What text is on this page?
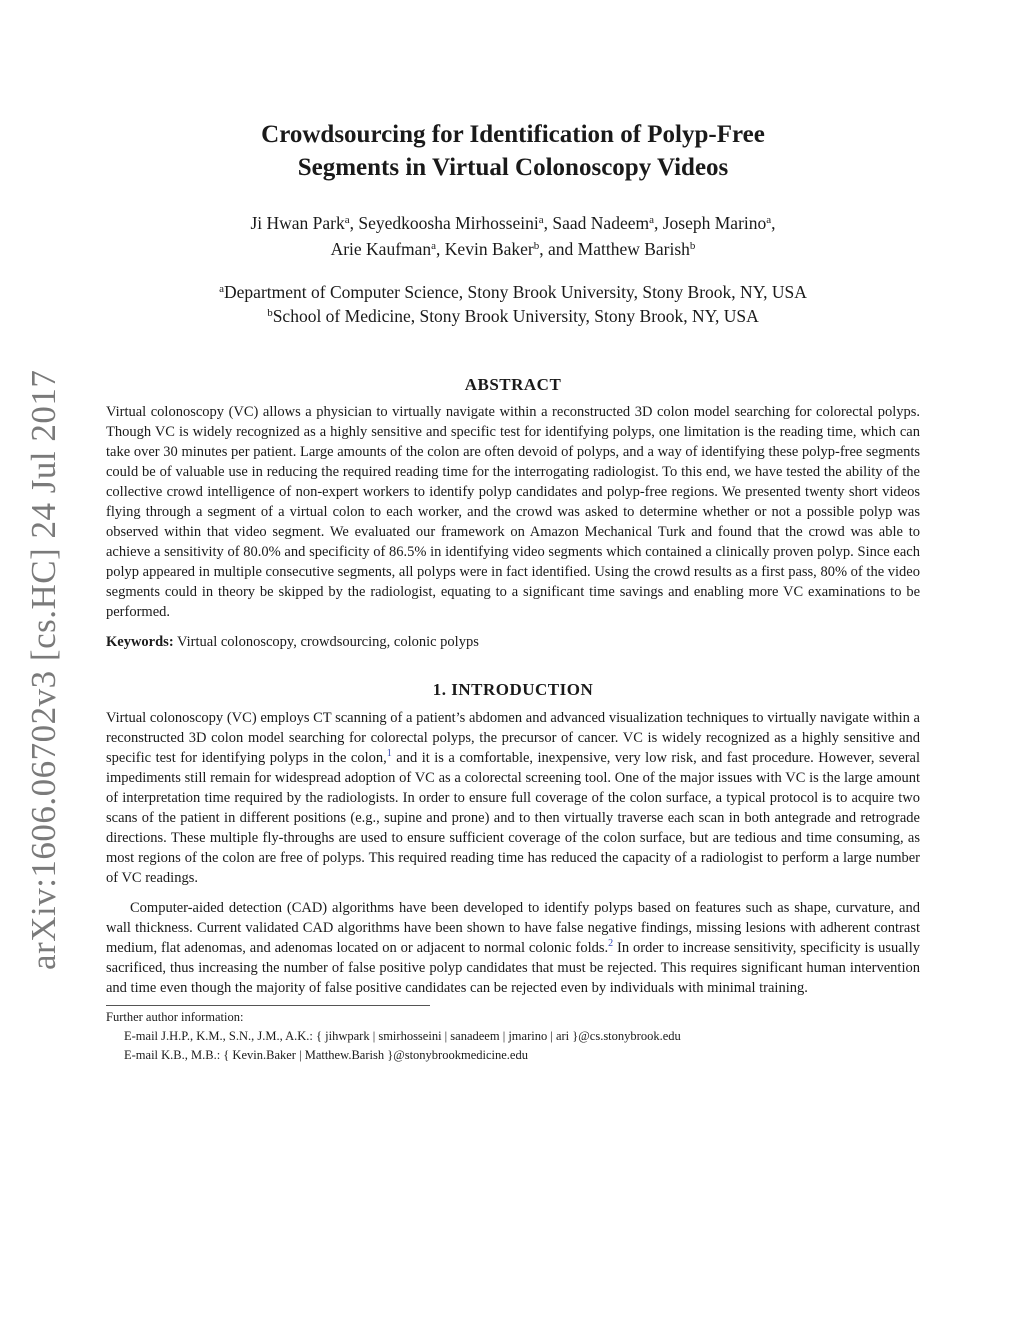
arXiv:1606.06702v3 [cs.HC] 24 Jul 2017
Crowdsourcing for Identification of Polyp-Free
Segments in Virtual Colonoscopy Videos
Ji Hwan Park$^a$, Seyedkoosha Mirhosseini$^a$, Saad Nadeem$^a$, Joseph Marino$^a$,
Arie Kaufman$^a$, Kevin Baker$^b$, and Matthew Barish$^b$
$^a$Department of Computer Science, Stony Brook University, Stony Brook, NY, USA
$^b$School of Medicine, Stony Brook University, Stony Brook, NY, USA
ABSTRACT

Virtual colonoscopy (VC) allows a physician to virtually navigate within a reconstructed 3D colon model searching for colorectal polyps. Though VC is widely recognized as a highly sensitive and specific test for identifying polyps, one limitation is the reading time, which can take over 30 minutes per patient. Large amounts of the colon are often devoid of polyps, and a way of identifying these polyp-free segments could be of valuable use in reducing the required reading time for the interrogating radiologist. To this end, we have tested the ability of the collective crowd intelligence of non-expert workers to identify polyp candidates and polyp-free regions. We presented twenty short videos flying through a segment of a virtual colon to each worker, and the crowd was asked to determine whether or not a possible polyp was observed within that video segment. We evaluated our framework on Amazon Mechanical Turk and found that the crowd was able to achieve a sensitivity of 80.0% and specificity of 86.5% in identifying video segments which contained a clinically proven polyp. Since each polyp appeared in multiple consecutive segments, all polyps were in fact identified. Using the crowd results as a first pass, 80% of the video segments could in theory be skipped by the radiologist, equating to a significant time savings and enabling more VC examinations to be performed.

Keywords: Virtual colonoscopy, crowdsourcing, colonic polyps
1. INTRODUCTION

Virtual colonoscopy (VC) employs CT scanning of a patient’s abdomen and advanced visualization techniques to virtually navigate within a reconstructed 3D colon model searching for colorectal polyps, the precursor of cancer. VC is widely recognized as a highly sensitive and specific test for identifying polyps in the colon,$^1$ and it is a comfortable, inexpensive, very low risk, and fast procedure. However, several impediments still remain for widespread adoption of VC as a colorectal screening tool. One of the major issues with VC is the large amount of interpretation time required by the radiologists. In order to ensure full coverage of the colon surface, a typical protocol is to acquire two scans of the patient in different positions (e.g., supine and prone) and to then virtually traverse each scan in both antegrade and retrograde directions. These multiple fly-throughs are used to ensure sufficient coverage of the colon surface, but are tedious and time consuming, as most regions of the colon are free of polyps. This required reading time has reduced the capacity of a radiologist to perform a large number of VC readings.

Computer-aided detection (CAD) algorithms have been developed to identify polyps based on features such as shape, curvature, and wall thickness. Current validated CAD algorithms have been shown to have false negative findings, missing lesions with adherent contrast medium, flat adenomas, and adenomas located on or adjacent to normal colonic folds.$^2$ In order to increase sensitivity, specificity is usually sacrificed, thus increasing the number of false positive polyp candidates that must be rejected. This requires significant human intervention and time even though the majority of false positive candidates can be rejected even by individuals with minimal training.

Further author information:
E-mail J.H.P., K.M., S.N., J.M., A.K.: { jihwpark | smirhosseini | sanadeem | jmarino | ari }@cs.stonybrook.edu
E-mail K.B., M.B.: { Kevin.Baker | Matthew.Barish }@stonybrookmedicine.edu
